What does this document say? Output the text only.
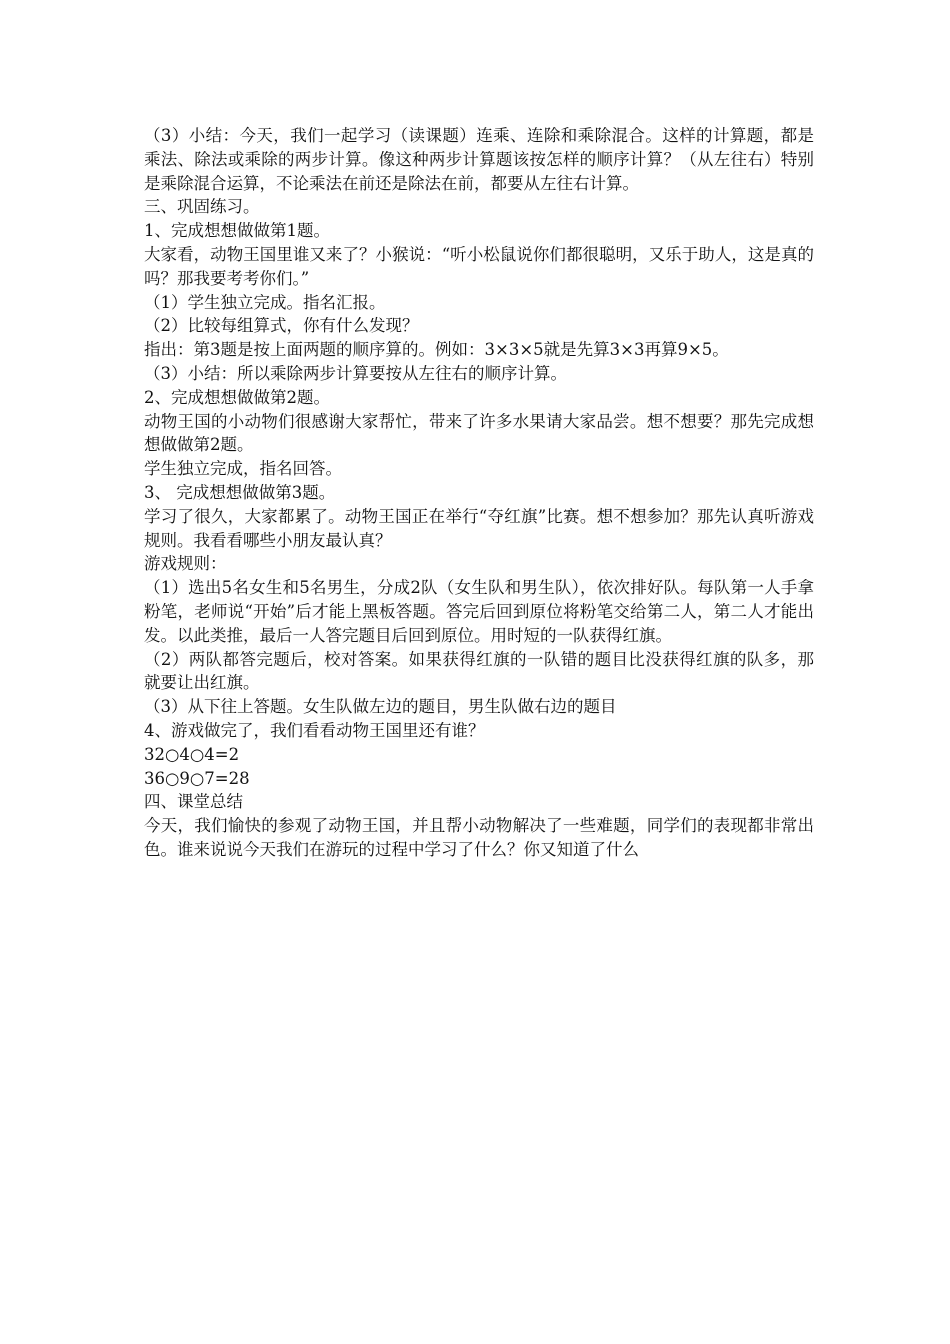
（3）小结：今天，我们一起学习（读课题）连乘、连除和乘除混合。这样的计算题，都是乘法、除法或乘除的两步计算。像这种两步计算题该按怎样的顺序计算？（从左往右）特别是乘除混合运算，不论乘法在前还是除法在前，都要从左往右计算。

三、巩固练习。

1、完成想想做做第1题。

大家看，动物王国里谁又来了？小猴说：“听小松鼠说你们都很聪明，又乐于助人，这是真的吗？那我要考考你们。”

（1）学生独立完成。指名汇报。

（2）比较每组算式，你有什么发现？

指出：第3题是按上面两题的顺序算的。例如：3×3×5就是先算3×3再算9×5。

（3）小结：所以乘除两步计算要按从左往右的顺序计算。

2、完成想想做做第2题。

动物王国的小动物们很感谢大家帮忙，带来了许多水果请大家品尝。想不想要？那先完成想想做做第2题。

学生独立完成，指名回答。

3、 完成想想做做第3题。

学习了很久，大家都累了。动物王国正在举行“夺红旗”比赛。想不想参加？那先认真听游戏规则。我看看哪些小朋友最认真？

游戏规则：

（1）选出5名女生和5名男生，分成2队（女生队和男生队），依次排好队。每队第一人手拿粉笔，老师说“开始”后才能上黑板答题。答完后回到原位将粉笔交给第二人，第二人才能出发。以此类推，最后一人答完题目后回到原位。用时短的一队获得红旗。

（2）两队都答完题后，校对答案。如果获得红旗的一队错的题目比没获得红旗的队多，那就要让出红旗。

（3）从下往上答题。女生队做左边的题目，男生队做右边的题目

4、游戏做完了，我们看看动物王国里还有谁？

32○4○4=2

36○9○7=28

四、课堂总结

今天，我们愉快的参观了动物王国，并且帮小动物解决了一些难题，同学们的表现都非常出色。谁来说说今天我们在游玩的过程中学习了什么？你又知道了什么
